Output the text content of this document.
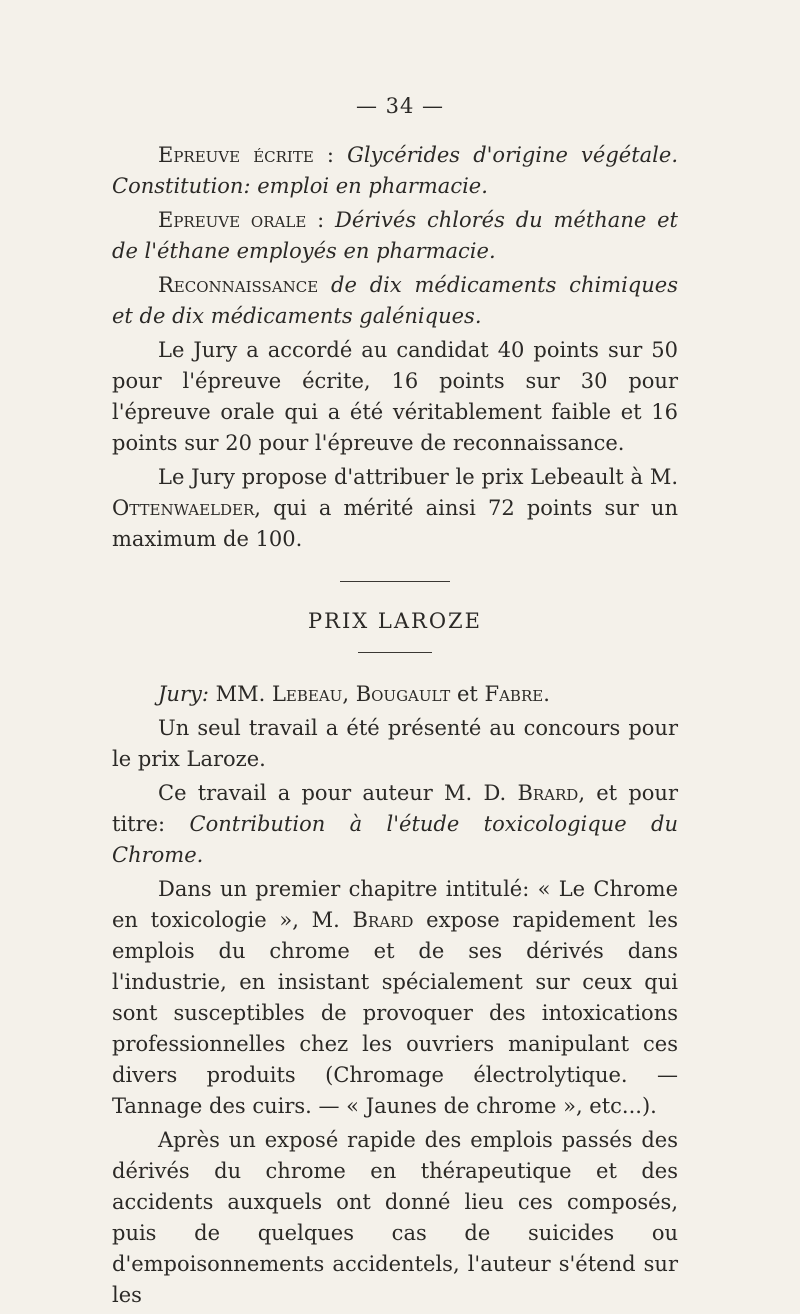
— 34 —

Epreuve écrite : Glycérides d'origine végétale. Constitution: emploi en pharmacie.

Epreuve orale : Dérivés chlorés du méthane et de l'éthane employés en pharmacie.

Reconnaissance de dix médicaments chimiques et de dix médicaments galéniques.

Le Jury a accordé au candidat 40 points sur 50 pour l'épreuve écrite, 16 points sur 30 pour l'épreuve orale qui a été véritablement faible et 16 points sur 20 pour l'épreuve de reconnaissance.

Le Jury propose d'attribuer le prix Lebeault à M. Ottenwaelder, qui a mérité ainsi 72 points sur un maximum de 100.

PRIX LAROZE

Jury: MM. Lebeau, Bougault et Fabre.

Un seul travail a été présenté au concours pour le prix Laroze.

Ce travail a pour auteur M. D. Brard, et pour titre: Contribution à l'étude toxicologique du Chrome.

Dans un premier chapitre intitulé: « Le Chrome en toxicologie », M. Brard expose rapidement les emplois du chrome et de ses dérivés dans l'industrie, en insistant spécialement sur ceux qui sont susceptibles de provoquer des intoxications professionnelles chez les ouvriers manipulant ces divers produits (Chromage électrolytique. — Tannage des cuirs. — « Jaunes de chrome », etc...).

Après un exposé rapide des emplois passés des dérivés du chrome en thérapeutique et des accidents auxquels ont donné lieu ces composés, puis de quelques cas de suicides ou d'empoisonnements accidentels, l'auteur s'étend sur les
